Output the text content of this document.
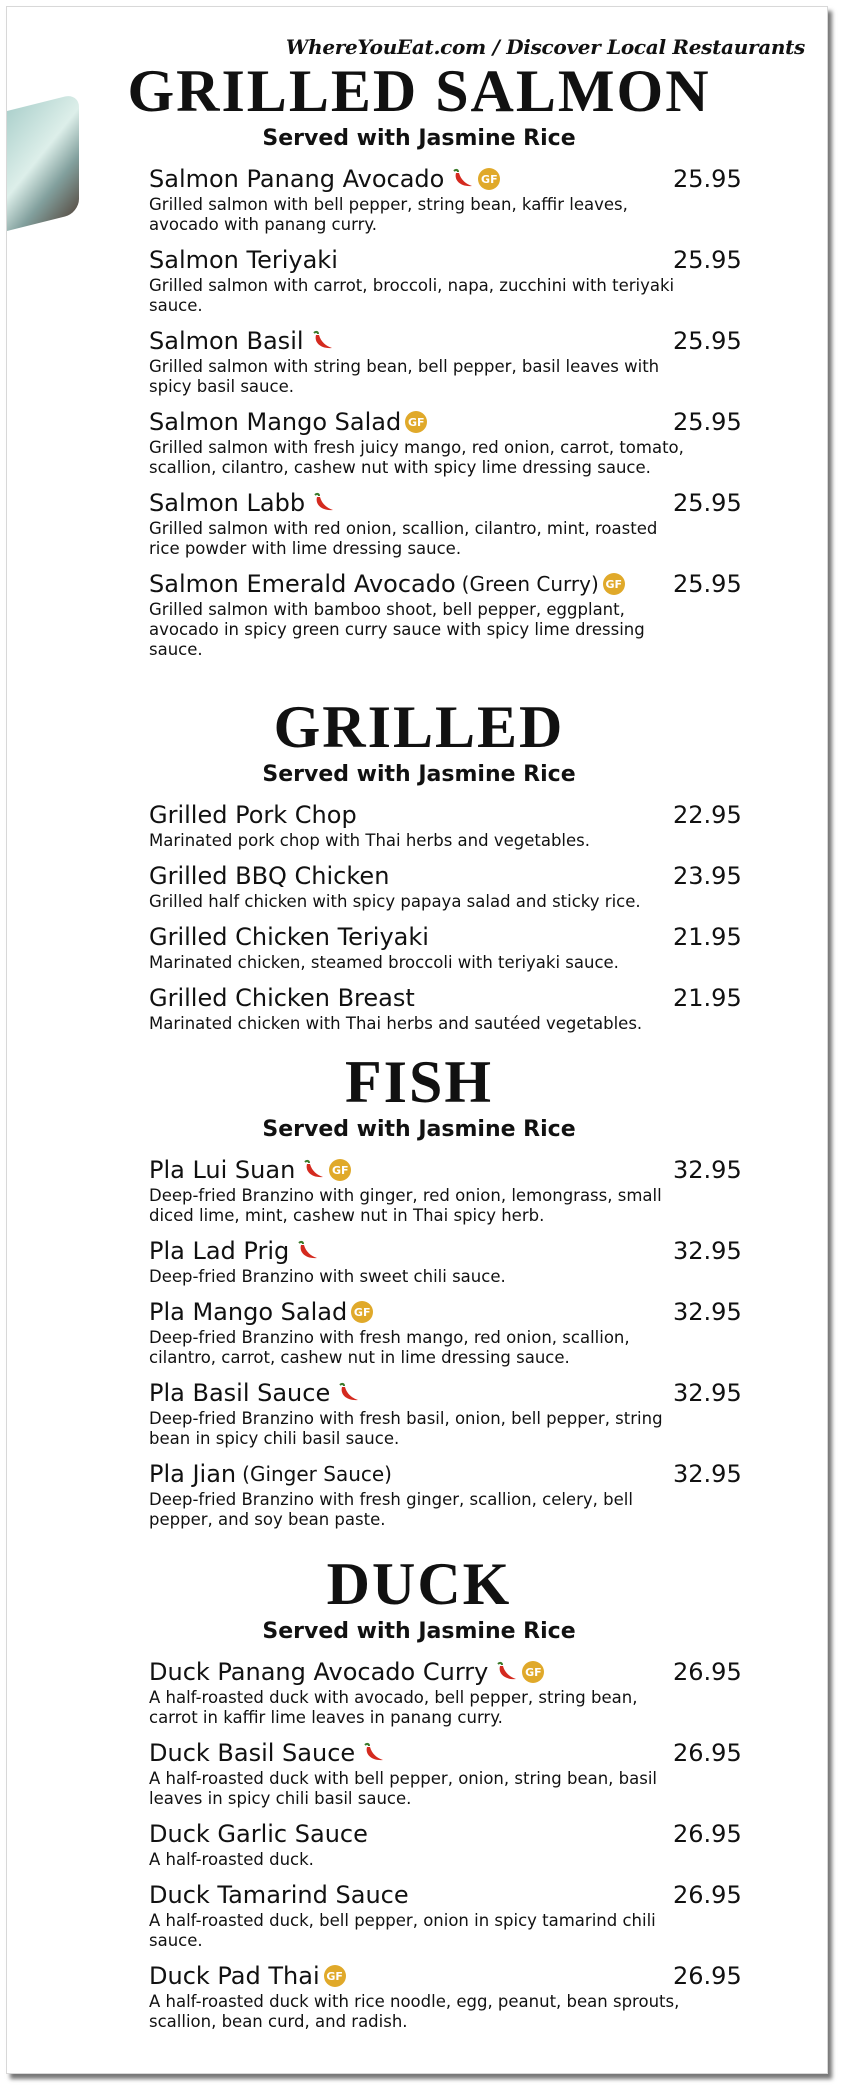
WhereYouEat.com / Discover Local Restaurants
GRILLED SALMON
Served with Jasmine Rice
Salmon Panang Avocado	GF	25.95
Grilled salmon with bell pepper, string bean, kaffir leaves, avocado with panang curry.
Salmon Teriyaki	25.95
Grilled salmon with carrot, broccoli, napa, zucchini with teriyaki sauce.
Salmon Basil	25.95
Grilled salmon with string bean, bell pepper, basil leaves with spicy basil sauce.
Salmon Mango Salad GF	25.95
Grilled salmon with fresh juicy mango, red onion, carrot, tomato, scallion, cilantro, cashew nut with spicy lime dressing sauce.
Salmon Labb	25.95
Grilled salmon with red onion, scallion, cilantro, mint, roasted rice powder with lime dressing sauce.
Salmon Emerald Avocado (Green Curry) GF 25.95
Grilled salmon with bamboo shoot, bell pepper, eggplant, avocado in spicy green curry sauce with spicy lime dressing sauce.
GRILLED
Served with Jasmine Rice
Grilled Pork Chop	22.95
Marinated pork chop with Thai herbs and vegetables.
Grilled BBQ Chicken	23.95
Grilled half chicken with spicy papaya salad and sticky rice.
Grilled Chicken Teriyaki	21.95
Marinated chicken, steamed broccoli with teriyaki sauce.
Grilled Chicken Breast	21.95
Marinated chicken with Thai herbs and sautéed vegetables.
FISH
Served with Jasmine Rice
Pla Lui Suan	GF	32.95
Deep-fried Branzino with ginger, red onion, lemongrass, small diced lime, mint, cashew nut in Thai spicy herb.
Pla Lad Prig	32.95
Deep-fried Branzino with sweet chili sauce.
Pla Mango Salad GF	32.95
Deep-fried Branzino with fresh mango, red onion, scallion, cilantro, carrot, cashew nut in lime dressing sauce.
Pla Basil Sauce	32.95
Deep-fried Branzino with fresh basil, onion, bell pepper, string bean in spicy chili basil sauce.
Pla Jian (Ginger Sauce)	32.95
Deep-fried Branzino with fresh ginger, scallion, celery, bell pepper, and soy bean paste.
DUCK
Served with Jasmine Rice
Duck Panang Avocado Curry	GF	26.95
A half-roasted duck with avocado, bell pepper, string bean, carrot in kaffir lime leaves in panang curry.
Duck Basil Sauce	26.95
A half-roasted duck with bell pepper, onion, string bean, basil leaves in spicy chili basil sauce.
Duck Garlic Sauce	26.95
A half-roasted duck.
Duck Tamarind Sauce	26.95
A half-roasted duck, bell pepper, onion in spicy tamarind chili sauce.
Duck Pad Thai GF	26.95
A half-roasted duck with rice noodle, egg, peanut, bean sprouts, scallion, bean curd, and radish.
